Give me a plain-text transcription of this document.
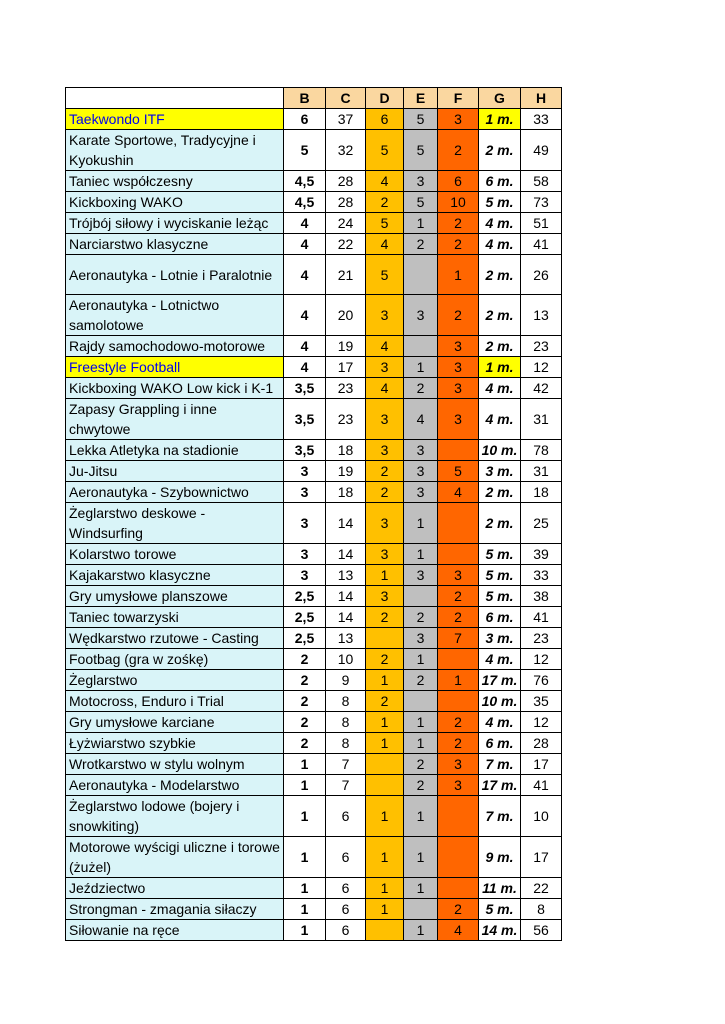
	B	C	D	E	F	G	H
Taekwondo ITF	6	37	6	5	3	1 m.	33
Karate Sportowe, Tradycyjne i Kyokushin	5	32	5	5	2	2 m.	49
Taniec współczesny	4,5	28	4	3	6	6 m.	58
Kickboxing WAKO	4,5	28	2	5	10	5 m.	73
Trójbój siłowy i wyciskanie leżąc	4	24	5	1	2	4 m.	51
Narciarstwo klasyczne	4	22	4	2	2	4 m.	41
Aeronautyka - Lotnie i Paralotnie	4	21	5		1	2 m.	26
Aeronautyka - Lotnictwo samolotowe	4	20	3	3	2	2 m.	13
Rajdy samochodowo-motorowe	4	19	4		3	2 m.	23
Freestyle Football	4	17	3	1	3	1 m.	12
Kickboxing WAKO Low kick i K-1	3,5	23	4	2	3	4 m.	42
Zapasy Grappling i inne chwytowe	3,5	23	3	4	3	4 m.	31
Lekka Atletyka na stadionie	3,5	18	3	3		10 m.	78
Ju-Jitsu	3	19	2	3	5	3 m.	31
Aeronautyka - Szybownictwo	3	18	2	3	4	2 m.	18
Żeglarstwo deskowe - Windsurfing	3	14	3	1		2 m.	25
Kolarstwo torowe	3	14	3	1		5 m.	39
Kajakarstwo klasyczne	3	13	1	3	3	5 m.	33
Gry umysłowe planszowe	2,5	14	3		2	5 m.	38
Taniec towarzyski	2,5	14	2	2	2	6 m.	41
Wędkarstwo rzutowe - Casting	2,5	13		3	7	3 m.	23
Footbag (gra w zośkę)	2	10	2	1		4 m.	12
Żeglarstwo	2	9	1	2	1	17 m.	76
Motocross, Enduro i Trial	2	8	2			10 m.	35
Gry umysłowe karciane	2	8	1	1	2	4 m.	12
Łyżwiarstwo szybkie	2	8	1	1	2	6 m.	28
Wrotkarstwo w stylu wolnym	1	7		2	3	7 m.	17
Aeronautyka - Modelarstwo	1	7		2	3	17 m.	41
Żeglarstwo lodowe (bojery i snowkiting)	1	6	1	1		7 m.	10
Motorowe wyścigi uliczne i torowe (żużel)	1	6	1	1		9 m.	17
Jeździectwo	1	6	1	1		11 m.	22
Strongman - zmagania siłaczy	1	6	1		2	5 m.	8
Siłowanie na ręce	1	6		1	4	14 m.	56
